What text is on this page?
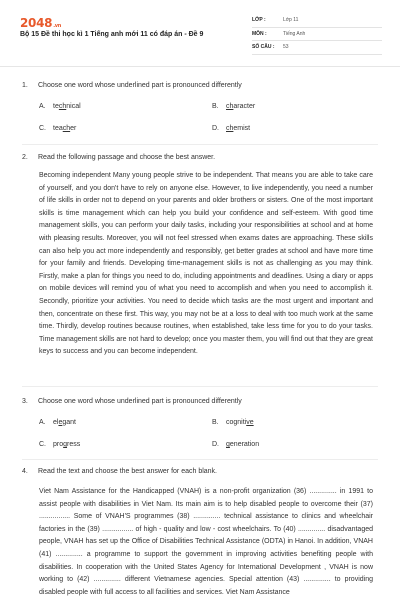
2048.vn
Bộ 15 Đề thi học kì 1 Tiếng anh mới 11 có đáp án - Đề 9
LỚP :	Lớp 11
MÔN :	Tiếng Anh
SỐ CÂU :	53
1.	Choose one word whose underlined part is pronounced differently
A. technical	B. character
C. teacher	D. chemist
2.	Read the following passage and choose the best answer.
Becoming independent Many young people strive to be independent. That means you are able to take care of yourself, and you don't have to rely on anyone else. However, to live independently, you need a number of life skills in order not to depend on your parents and older brothers or sisters. One of the most important skills is time management which can help you build your confidence and self-esteem. With good time management skills, you can perform your daily tasks, including your responsibilities at school and at home with pleasing results. Moreover, you will not feel stressed when exams dates are approaching. These skills can also help you act more independently and responsibly, get better grades at school and have more time for your family and friends. Developing time-management skills is not as challenging as you may think. Firstly, make a plan for things you need to do, including appointments and deadlines. Using a diary or apps on mobile devices will remind you of what you need to accomplish and when you need to accomplish it. Secondly, prioritize your activities. You need to decide which tasks are the most urgent and important and then, concentrate on these first. This way, you may not be at a loss to deal with too much work at the same time. Thirdly, develop routines because routines, when established, take less time for you to do your tasks. Time management skills are not hard to develop; once you master them, you will find out that they are great keys to success and you can become independent.
3.	Choose one word whose underlined part is pronounced differently
A. elegant	B. cognitive
C. progress	D. generation
4.	Read the text and choose the best answer for each blank.
Viet Nam Assistance for the Handicapped (VNAH) is a non-profit organization (36) .............. in 1991 to assist people with disabilities in Viet Nam. Its main aim is to help disabled people to overcome their (37) ................ Some of VNAH'S programmes (38) .............. technical assistance to clinics and wheelchair factories in the (39) ................ of high - quality and low - cost wheelchairs. To (40) .............. disadvantaged people, VNAH has set up the Office of Disabilities Technical Assistance (ODTA) in Hanoi. In addition, VNAH (41) .............. a programme to support the government in improving activities benefiting people with disabilities. In cooperation with the United States Agency for International Development , VNAH is now working to (42) .............. different Vietnamese agencies. Special attention (43) .............. to providing disabled people with full access to all facilities and services. Viet Nam Assistance
